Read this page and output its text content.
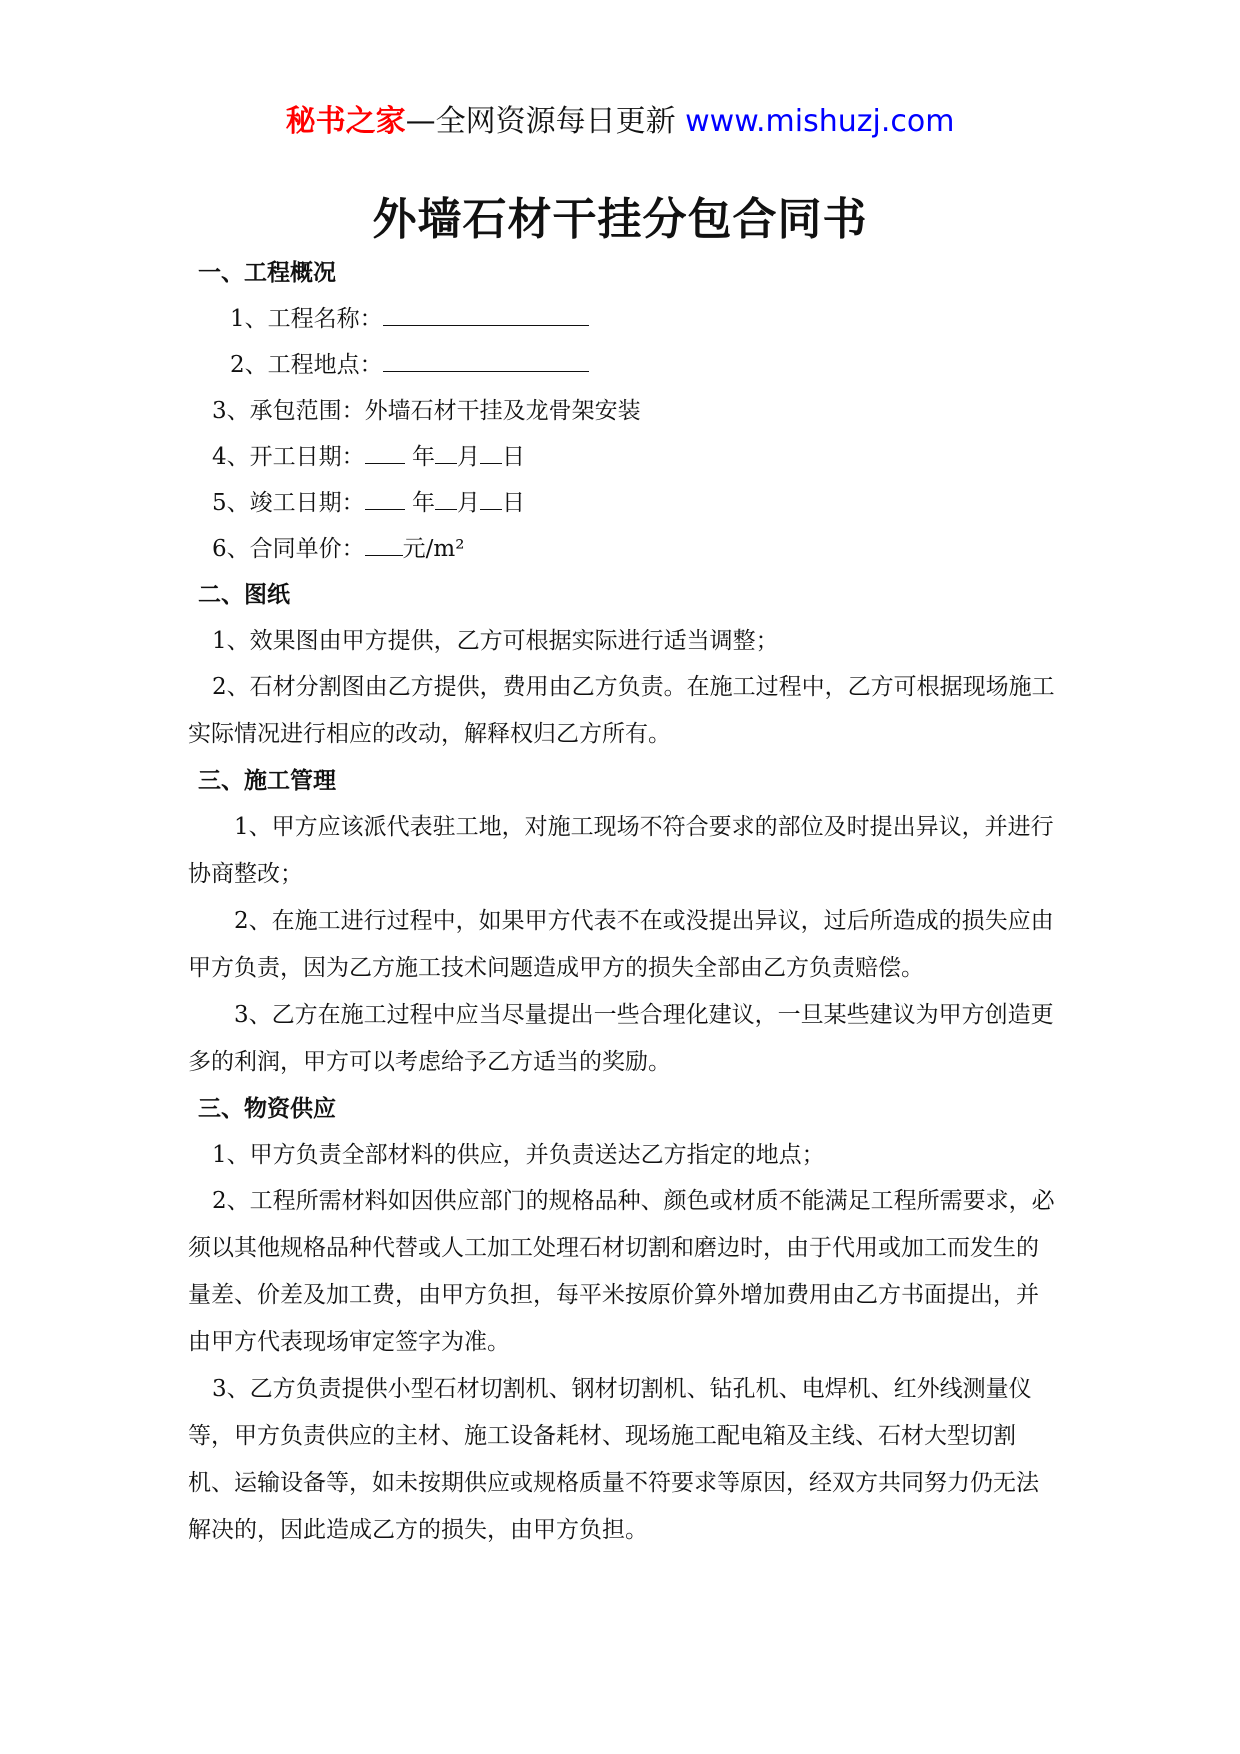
秘书之家—全网资源每日更新 www.mishuzj.com
外墙石材干挂分包合同书
一、工程概况
1、工程名称：
2、工程地点：
3、承包范围：外墙石材干挂及龙骨架安装
4、开工日期： 年 月 日
5、竣工日期： 年 月 日
6、合同单价： 元/m²
二、图纸
1、效果图由甲方提供，乙方可根据实际进行适当调整；

2、石材分割图由乙方提供，费用由乙方负责。在施工过程中，乙方可根据现场施工实际情况进行相应的改动，解释权归乙方所有。

三、施工管理

1、甲方应该派代表驻工地，对施工现场不符合要求的部位及时提出异议，并进行协商整改；

2、在施工进行过程中，如果甲方代表不在或没提出异议，过后所造成的损失应由甲方负责，因为乙方施工技术问题造成甲方的损失全部由乙方负责赔偿。

3、乙方在施工过程中应当尽量提出一些合理化建议，一旦某些建议为甲方创造更多的利润，甲方可以考虑给予乙方适当的奖励。

三、物资供应
1、甲方负责全部材料的供应，并负责送达乙方指定的地点；

2、工程所需材料如因供应部门的规格品种、颜色或材质不能满足工程所需要求，必须以其他规格品种代替或人工加工处理石材切割和磨边时，由于代用或加工而发生的量差、价差及加工费，由甲方负担，每平米按原价算外增加费用由乙方书面提出，并由甲方代表现场审定签字为准。

3、乙方负责提供小型石材切割机、钢材切割机、钻孔机、电焊机、红外线测量仪等，甲方负责供应的主材、施工设备耗材、现场施工配电箱及主线、石材大型切割机、运输设备等，如未按期供应或规格质量不符要求等原因，经双方共同努力仍无法解决的，因此造成乙方的损失，由甲方负担。
